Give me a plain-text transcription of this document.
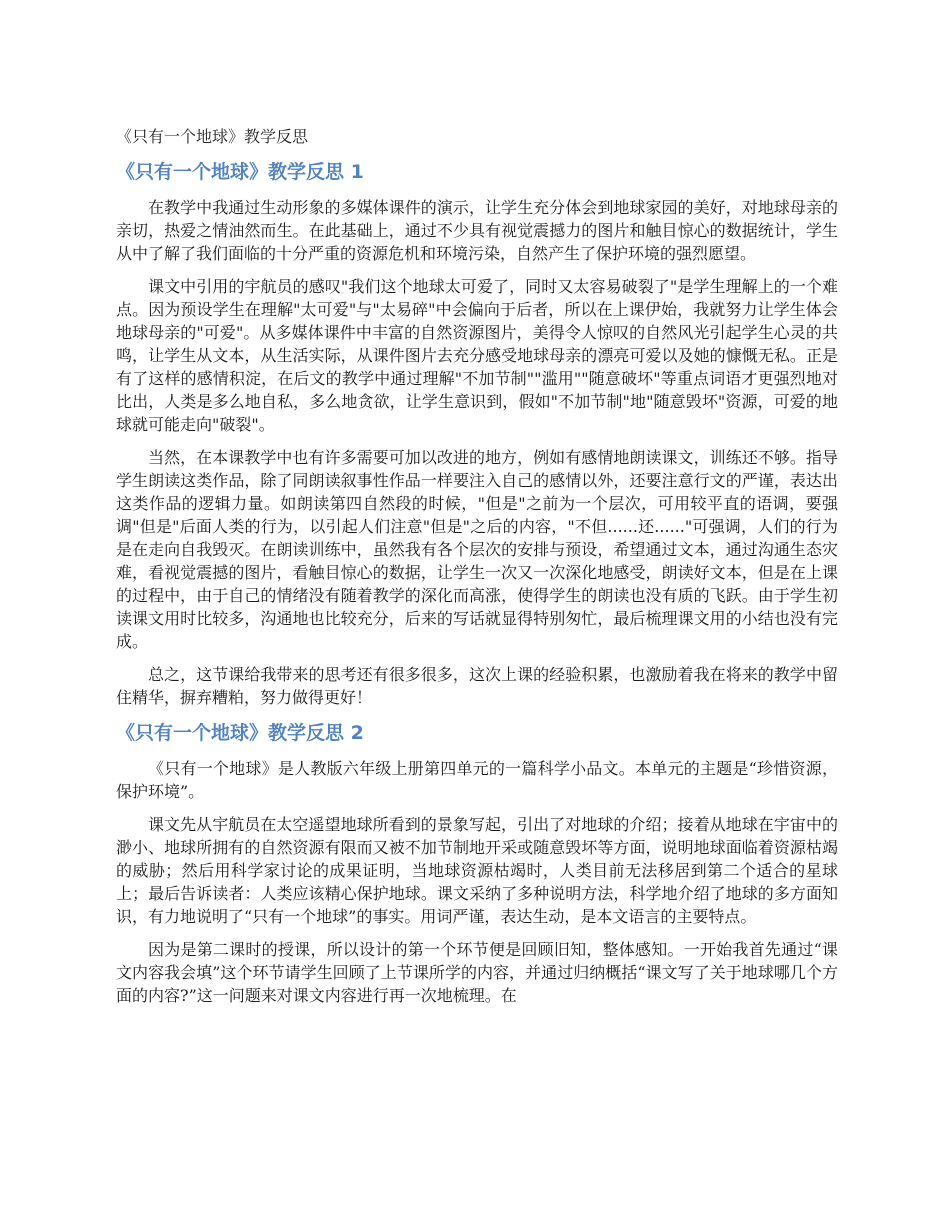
《只有一个地球》教学反思
《只有一个地球》教学反思 1

在教学中我通过生动形象的多媒体课件的演示，让学生充分体会到地球家园的美好，对地球母亲的亲切，热爱之情油然而生。在此基础上，通过不少具有视觉震撼力的图片和触目惊心的数据统计，学生从中了解了我们面临的十分严重的资源危机和环境污染，自然产生了保护环境的强烈愿望。

课文中引用的宇航员的感叹"我们这个地球太可爱了，同时又太容易破裂了"是学生理解上的一个难点。因为预设学生在理解"太可爱"与"太易碎"中会偏向于后者，所以在上课伊始，我就努力让学生体会地球母亲的"可爱"。从多媒体课件中丰富的自然资源图片，美得令人惊叹的自然风光引起学生心灵的共鸣，让学生从文本，从生活实际，从课件图片去充分感受地球母亲的漂亮可爱以及她的慷慨无私。正是有了这样的感情积淀，在后文的教学中通过理解"不加节制""滥用""随意破坏"等重点词语才更强烈地对比出，人类是多么地自私，多么地贪欲，让学生意识到，假如"不加节制"地"随意毁坏"资源，可爱的地球就可能走向"破裂"。

当然，在本课教学中也有许多需要可加以改进的地方，例如有感情地朗读课文，训练还不够。指导学生朗读这类作品，除了同朗读叙事性作品一样要注入自己的感情以外，还要注意行文的严谨，表达出这类作品的逻辑力量。如朗读第四自然段的时候，"但是"之前为一个层次，可用较平直的语调，要强调"但是"后面人类的行为，以引起人们注意"但是"之后的内容，"不但......还......"可强调，人们的行为是在走向自我毁灭。在朗读训练中，虽然我有各个层次的安排与预设，希望通过文本，通过沟通生态灾难，看视觉震撼的图片，看触目惊心的数据，让学生一次又一次深化地感受，朗读好文本，但是在上课的过程中，由于自己的情绪没有随着教学的深化而高涨，使得学生的朗读也没有质的飞跃。由于学生初读课文用时比较多，沟通地也比较充分，后来的写话就显得特别匆忙，最后梳理课文用的小结也没有完成。

总之，这节课给我带来的思考还有很多很多，这次上课的经验积累，也激励着我在将来的教学中留住精华，摒弃糟粕，努力做得更好！

《只有一个地球》教学反思 2

《只有一个地球》是人教版六年级上册第四单元的一篇科学小品文。本单元的主题是“珍惜资源，保护环境”。

课文先从宇航员在太空遥望地球所看到的景象写起，引出了对地球的介绍；接着从地球在宇宙中的渺小、地球所拥有的自然资源有限而又被不加节制地开采或随意毁坏等方面，说明地球面临着资源枯竭的威胁；然后用科学家讨论的成果证明，当地球资源枯竭时，人类目前无法移居到第二个适合的星球上；最后告诉读者：人类应该精心保护地球。课文采纳了多种说明方法，科学地介绍了地球的多方面知识，有力地说明了“只有一个地球”的事实。用词严谨，表达生动，是本文语言的主要特点。

因为是第二课时的授课，所以设计的第一个环节便是回顾旧知，整体感知。一开始我首先通过“课文内容我会填”这个环节请学生回顾了上节课所学的内容，并通过归纳概括“课文写了关于地球哪几个方面的内容?”这一问题来对课文内容进行再一次地梳理。在
